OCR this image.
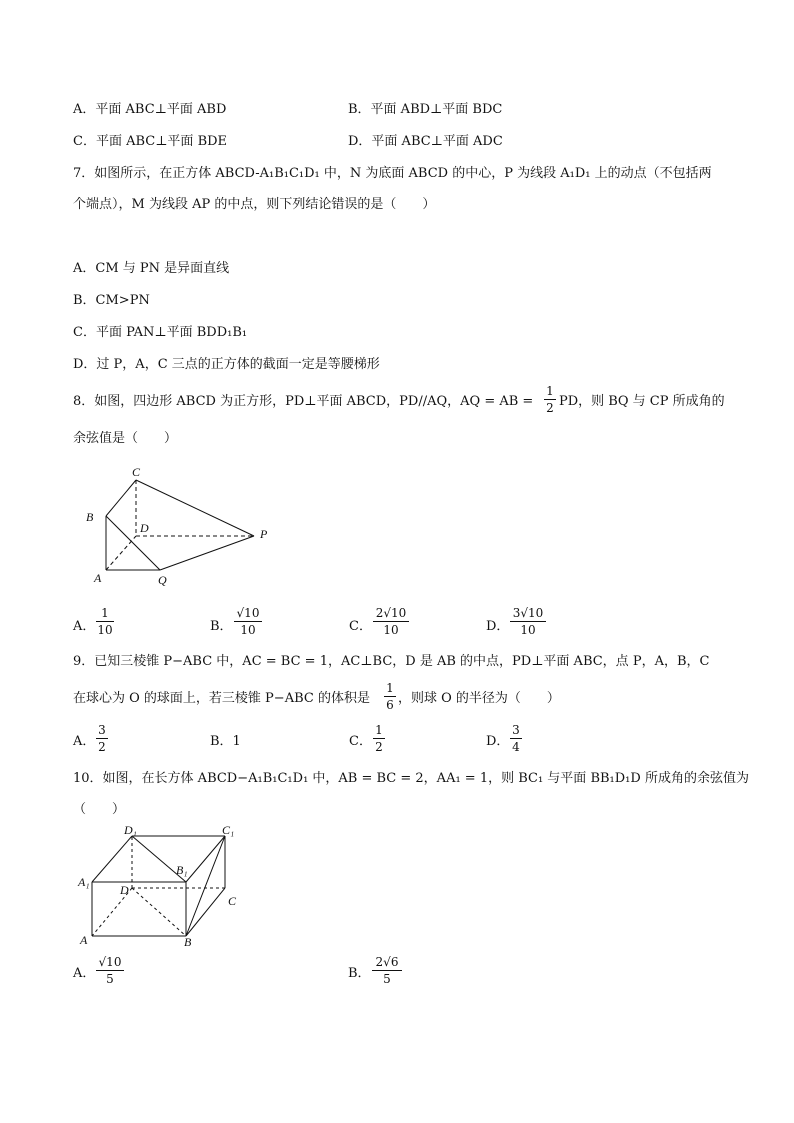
A．平面 ABC⊥平面 ABD	B．平面 ABD⊥平面 BDC
C．平面 ABC⊥平面 BDE	D．平面 ABC⊥平面 ADC
7．如图所示，在正方体 ABCD-A₁B₁C₁D₁ 中，N 为底面 ABCD 的中心，P 为线段 A₁D₁ 上的动点（不包括两
个端点），M 为线段 AP 的中点，则下列结论错误的是（　　）
A．CM 与 PN 是异面直线
B．CM>PN
C．平面 PAN⊥平面 BDD₁B₁
D．过 P，A，C 三点的正方体的截面一定是等腰梯形
8．如图，四边形 ABCD 为正方形，PD⊥平面 ABCD，PD//AQ，AQ = AB =
1
2 PD，则 BQ 与 CP 所成角的
余弦值是（　　）
C
B
D	P
A	Q
A．
1
10	B．
√10
10	C．
2√10
10	D．
3√10
10
9．已知三棱锥 P−ABC 中，AC = BC = 1，AC⊥BC，D 是 AB 的中点，PD⊥平面 ABC，点 P，A，B，C
在球心为 O 的球面上，若三棱锥 P−ABC 的体积是
1
6 ，则球 O 的半径为（　　）
A．
3
2	B．1	C．
1
2	D．
3
4
10．如图，在长方体 ABCD−A₁B₁C₁D₁ 中，AB = BC = 2，AA₁ = 1，则 BC₁ 与平面 BB₁D₁D 所成角的余弦值为
（　　）
D₁	C₁
A₁
B₁
D
C
A	B
A．
√10
5	B．
2√6
5
